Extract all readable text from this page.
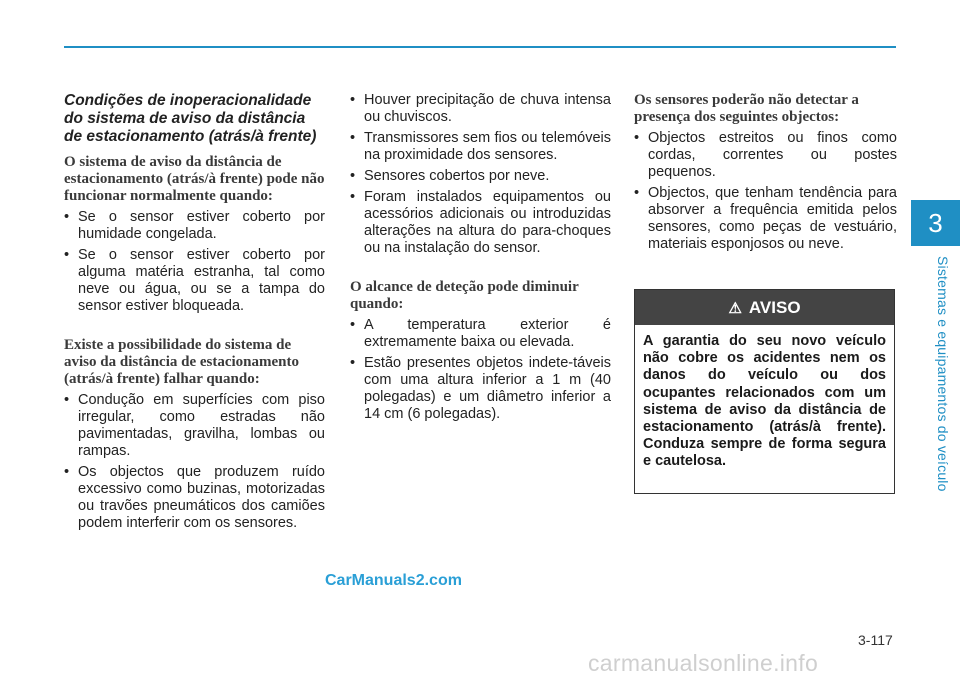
3
Sistemas e equipamentos do veículo
Condições de inoperacionalidade do sistema de aviso da distância de estacionamento (atrás/à frente)
O sistema de aviso da distância de estacionamento (atrás/à frente) pode não funcionar normalmente quando:
• Se o sensor estiver coberto por humidade congelada.
• Se o sensor estiver coberto por alguma matéria estranha, tal como neve ou água, ou se a tampa do sensor estiver bloqueada.
Existe a possibilidade do sistema de aviso da distância de estacionamento (atrás/à frente) falhar quando:
• Condução em superfícies com piso irregular, como estradas não pavimentadas, gravilha, lombas ou rampas.
• Os objectos que produzem ruído excessivo como buzinas, motorizadas ou travões pneumáticos dos camiões podem interferir com os sensores.
• Houver precipitação de chuva intensa ou chuviscos.
• Transmissores sem fios ou telemóveis na proximidade dos sensores.
• Sensores cobertos por neve.
• Foram instalados equipamentos ou acessórios adicionais ou introduzidas alterações na altura do para-choques ou na instalação do sensor.
O alcance de deteção pode diminuir quando:
• A temperatura exterior é extremamente baixa ou elevada.
• Estão presentes objetos indete-táveis com uma altura inferior a 1 m (40 polegadas) e um diâmetro inferior a 14 cm (6 polegadas).
Os sensores poderão não detectar a presença dos seguintes objectos:
• Objectos estreitos ou finos como cordas, correntes ou postes pequenos.
• Objectos, que tenham tendência para absorver a frequência emitida pelos sensores, como peças de vestuário, materiais esponjosos ou neve.
⚠ AVISO
A garantia do seu novo veículo não cobre os acidentes nem os danos do veículo ou dos ocupantes relacionados com um sistema de aviso da distância de estacionamento (atrás/à frente). Conduza sempre de forma segura e cautelosa.
CarManuals2.com
3-117
carmanualsonline.info
